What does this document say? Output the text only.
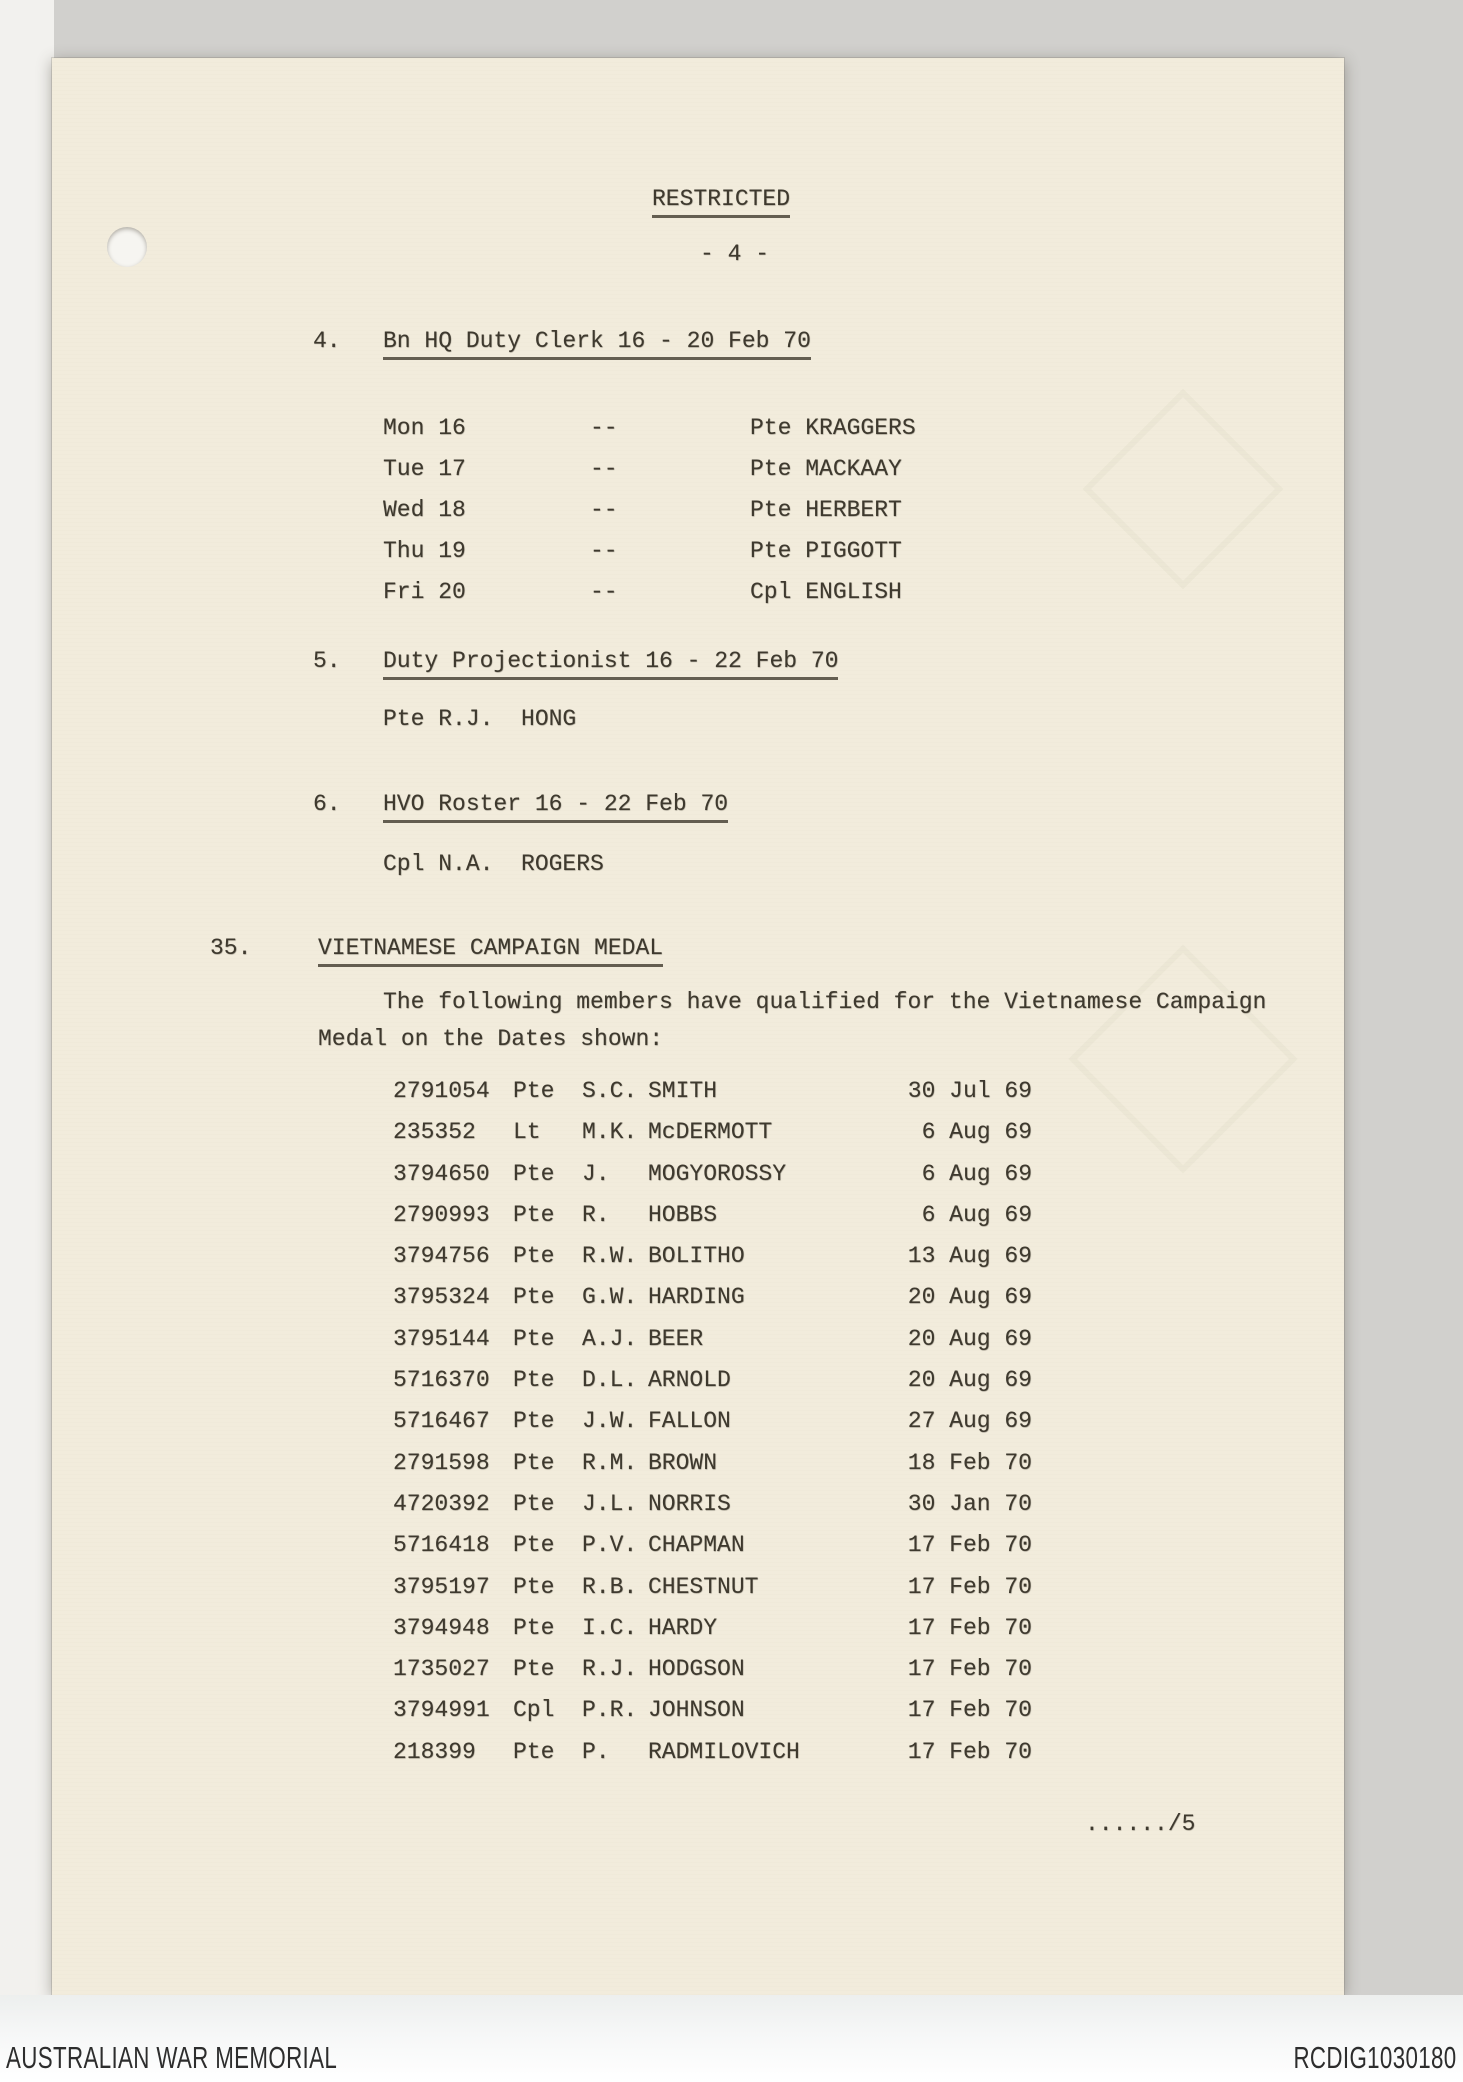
RESTRICTED
- 4 -
4. Bn HQ Duty Clerk 16 - 20 Feb 70
Mon 16	--	Pte KRAGGERS
Tue 17	--	Pte MACKAAY
Wed 18	--	Pte HERBERT
Thu 19	--	Pte PIGGOTT
Fri 20	--	Cpl ENGLISH
5. Duty Projectionist 16 - 22 Feb 70
Pte R.J.  HONG
6. HVO Roster 16 - 22 Feb 70
Cpl N.A.  ROGERS
35.	VIETNAMESE CAMPAIGN MEDAL
The following members have qualified for the Vietnamese Campaign
Medal on the Dates shown:
2791054 Pte S.C. SMITH	30 Jul 69
235352 Lt M.K. McDERMOTT	6 Aug 69
3794650 Pte J. MOGYOROSSY	6 Aug 69
2790993 Pte R. HOBBS	6 Aug 69
3794756 Pte R.W. BOLITHO	13 Aug 69
3795324 Pte G.W. HARDING	20 Aug 69
3795144 Pte A.J. BEER	20 Aug 69
5716370 Pte D.L. ARNOLD	20 Aug 69
5716467 Pte J.W. FALLON	27 Aug 69
2791598 Pte R.M. BROWN	18 Feb 70
4720392 Pte J.L. NORRIS	30 Jan 70
5716418 Pte P.V. CHAPMAN	17 Feb 70
3795197 Pte R.B. CHESTNUT	17 Feb 70
3794948 Pte I.C. HARDY	17 Feb 70
1735027 Pte R.J. HODGSON	17 Feb 70
3794991 Cpl P.R. JOHNSON	17 Feb 70
218399 Pte P. RADMILOVICH	17 Feb 70
....../5
AUSTRALIAN WAR MEMORIAL	RCDIG1030180
